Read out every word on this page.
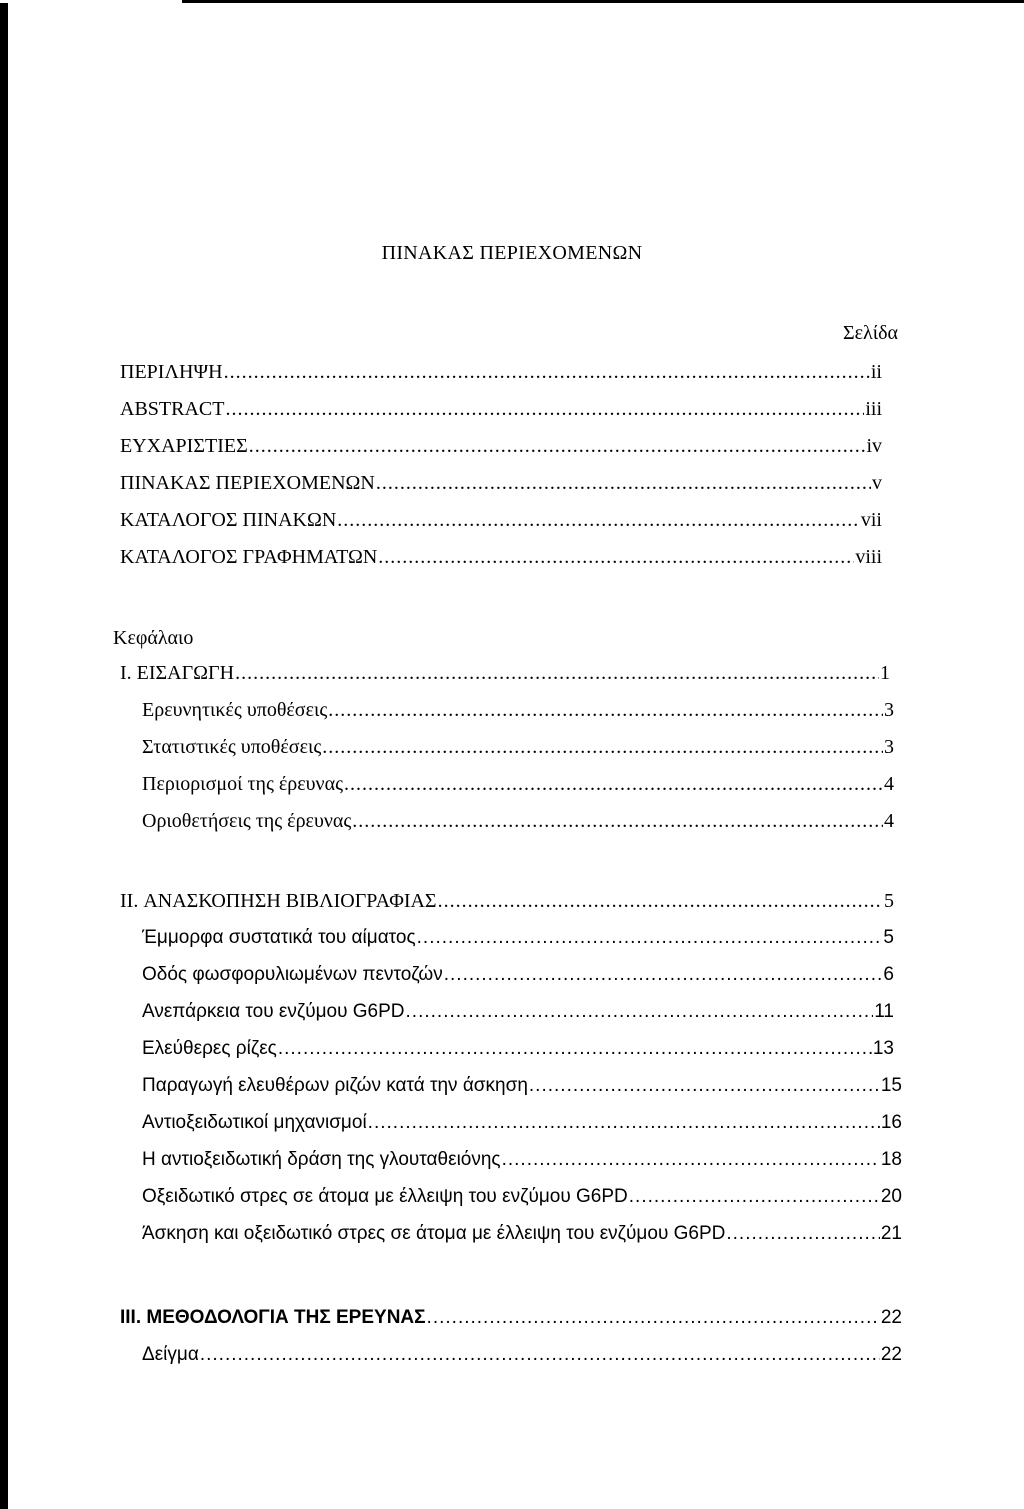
ΠΙΝΑΚΑΣ ΠΕΡΙΕΧΟΜΕΝΩΝ
Σελίδα
ΠΕΡΙΛΗΨΗ .....	ii
ABSTRACT .....	iii
ΕΥΧΑΡΙΣΤΙΕΣ .....	iv
ΠΙΝΑΚΑΣ ΠΕΡΙΕΧΟΜΕΝΩΝ .....	v
ΚΑΤΑΛΟΓΟΣ ΠΙΝΑΚΩΝ .....	vii
ΚΑΤΑΛΟΓΟΣ ΓΡΑΦΗΜΑΤΩΝ .....	viii
Κεφάλαιο
I. ΕΙΣΑΓΩΓΗ .....	1
Ερευνητικές υποθέσεις .....	3
Στατιστικές υποθέσεις .....	3
Περιορισμοί της έρευνας .....	4
Οριοθετήσεις της έρευνας .....	4
II. ΑΝΑΣΚΟΠΗΣΗ ΒΙΒΛΙΟΓΡΑΦΙΑΣ .....	5
Έμμορφα συστατικά του αίματος .....	5
Οδός φωσφορυλιωμένων πεντοζών .....	6
Ανεπάρκεια του ενζύμου G6PD .....	11
Ελεύθερες ρίζες .....	13
Παραγωγή ελευθέρων ριζών κατά την άσκηση .....	15
Αντιοξειδωτικοί μηχανισμοί .....	16
Η αντιοξειδωτική δράση της γλουταθειόνης .....	18
Οξειδωτικό στρες σε άτομα με έλλειψη του ενζύμου G6PD .....	20
Άσκηση και οξειδωτικό στρες σε άτομα με έλλειψη του ενζύμου G6PD .....	21
III. ΜΕΘΟΔΟΛΟΓΙΑ ΤΗΣ ΕΡΕΥΝΑΣ .....	22
Δείγμα .....	22
